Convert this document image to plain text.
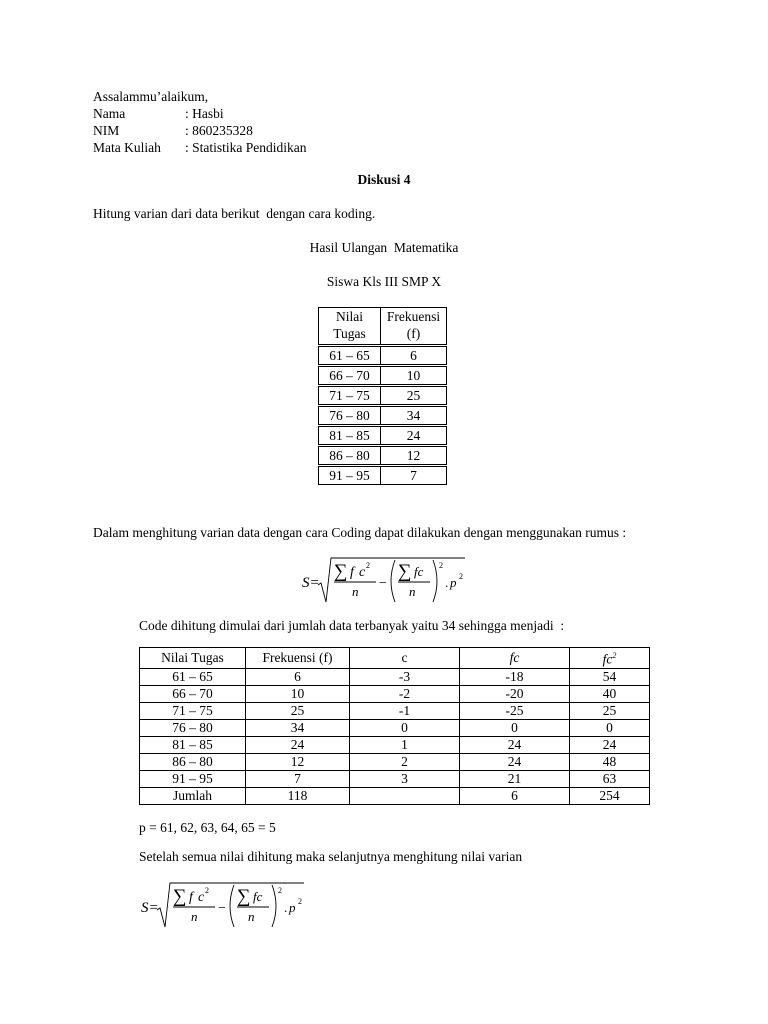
Assalammu’alaikum,
Nama	: Hasbi
NIM	: 860235328
Mata Kuliah : Statistika Pendidikan
Diskusi 4
Hitung varian dari data berikut  dengan cara koding.
Hasil Ulangan  Matematika
Siswa Kls III SMP X
Nilai
Tugas	Frekuensi
(f)
61 – 65	6
66 – 70	10
71 – 75	25
76 – 80	34
81 – 85	24
86 – 80	12
91 – 95	7
Dalam menghitung varian data dengan cara Coding dapat dilakukan dengan menggunakan rumus :
S=
∑ f c 2
n
−
∑ fc
n
2
. p 2
Code dihitung dimulai dari jumlah data terbanyak yaitu 34 sehingga menjadi  :
Nilai Tugas	Frekuensi (f)	c	fc	$fc^2$
61 – 65	6	-3	-18	54
66 – 70	10	-2	-20	40
71 – 75	25	-1	-25	25
76 – 80	34	0	0	0
81 – 85	24	1	24	24
86 – 80	12	2	24	48
91 – 95	7	3	21	63
Jumlah	118		6	254
p = 61, 62, 63, 64, 65 = 5
Setelah semua nilai dihitung maka selanjutnya menghitung nilai varian
S=
∑ f c 2
n
−
∑ fc
n
2
. p 2
